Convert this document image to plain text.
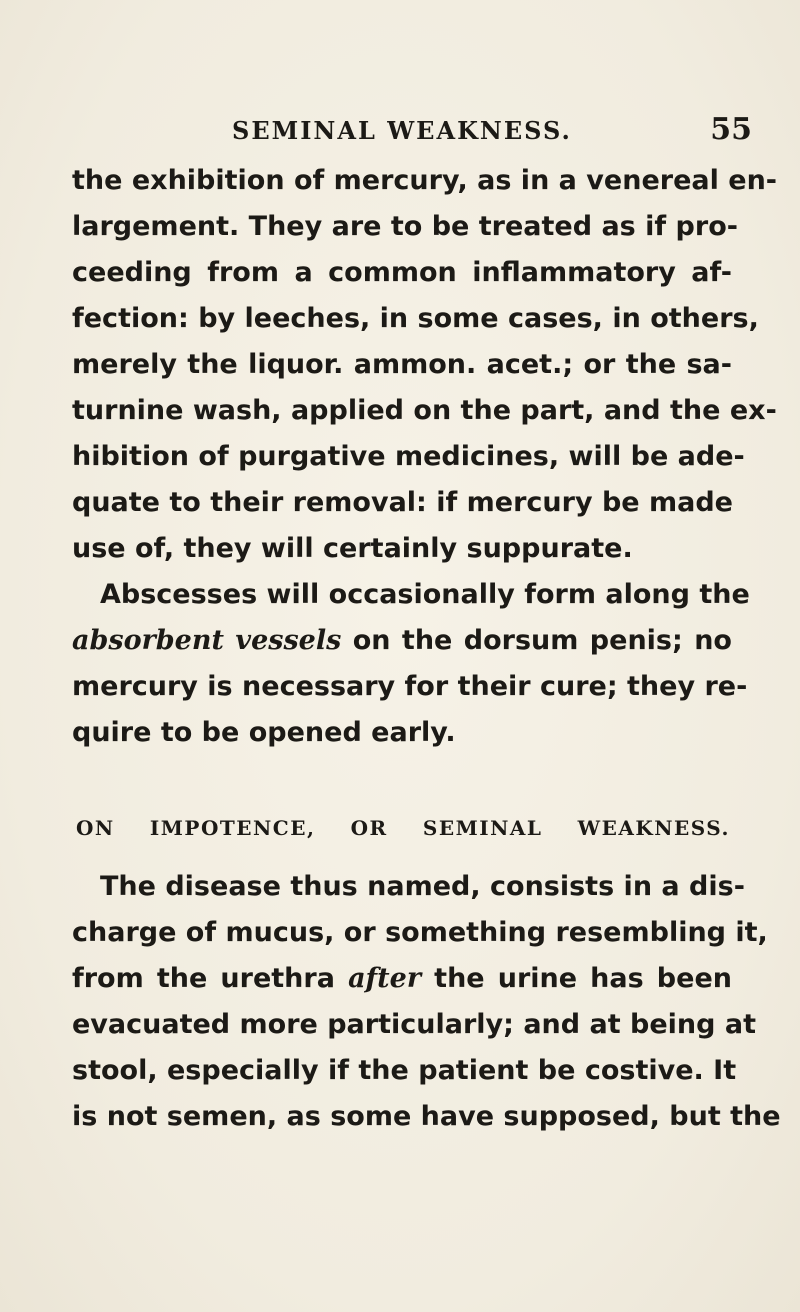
SEMINAL WEAKNESS.	55
the exhibition of mercury, as in a venereal en-
largement. They are to be treated as if pro-
ceeding from a common inflammatory af-
fection: by leeches, in some cases, in others,
merely the liquor. ammon. acet.; or the sa-
turnine wash, applied on the part, and the ex-
hibition of purgative medicines, will be ade-
quate to their removal: if mercury be made
use of, they will certainly suppurate.
Abscesses will occasionally form along the
absorbent vessels on the dorsum penis; no
mercury is necessary for their cure; they re-
quire to be opened early.
ON IMPOTENCE, OR SEMINAL WEAKNESS.
The disease thus named, consists in a dis-
charge of mucus, or something resembling it,
from the urethra after the urine has been
evacuated more particularly; and at being at
stool, especially if the patient be costive. It
is not semen, as some have supposed, but the
